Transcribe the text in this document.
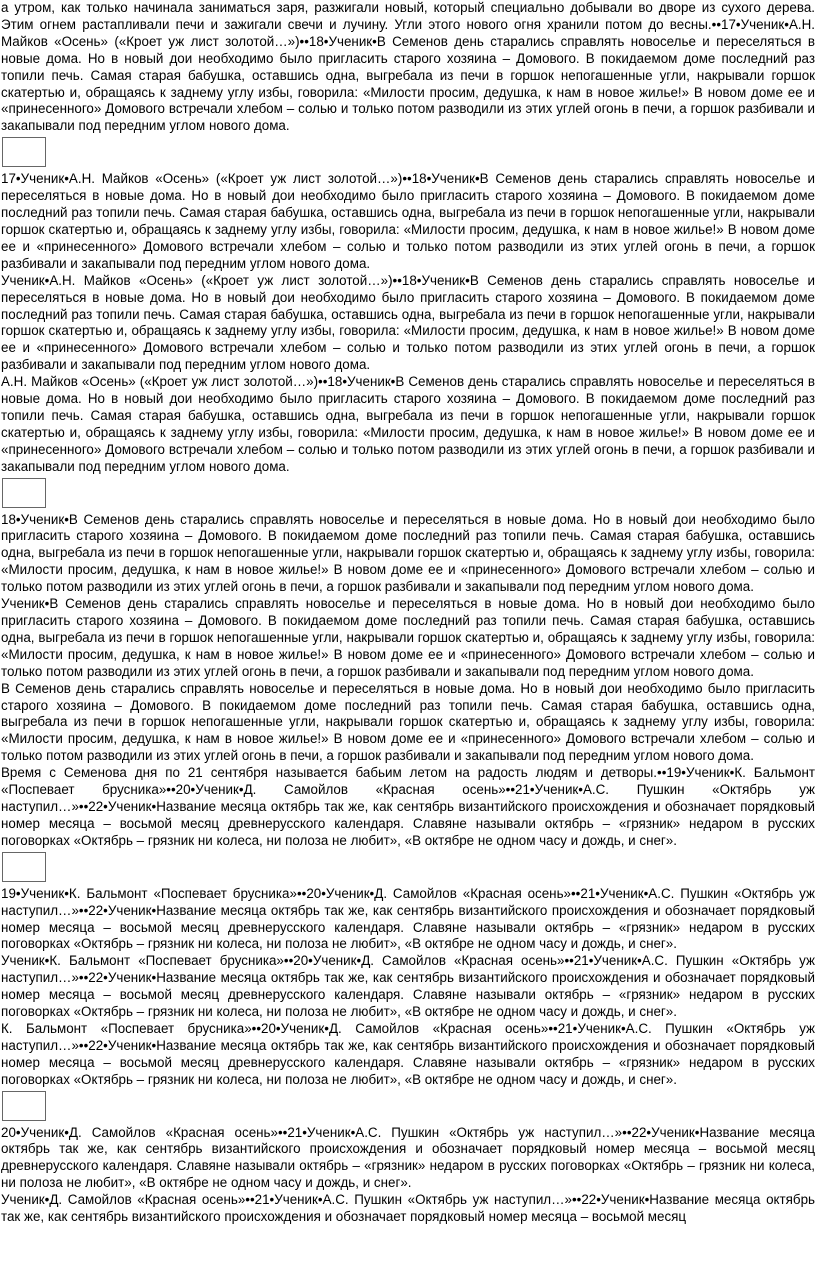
а утром, как только начинала заниматься заря, разжигали новый, который специально добывали во дворе из сухого дерева. Этим огнем растапливали печи и зажигали свечи и лучину. Угли этого нового огня хранили потом до весны.••17•Ученик•А.Н. Майков «Осень» («Кроет уж лист золотой…»)••18•Ученик•В Семенов день старались справлять новоселье и переселяться в новые дома. Но в новый дои необходимо было пригласить старого хозяина – Домового. В покидаемом доме последний раз топили печь. Самая старая бабушка, оставшись одна, выгребала из печи в горшок непогашенные угли, накрывали горшок скатертью и, обращаясь к заднему углу избы, говорила: «Милости просим, дедушка, к нам в новое жилье!» В новом доме ее и «принесенного» Домового встречали хлебом – солью и только потом разводили из этих углей огонь в печи, а горшок разбивали и закапывали под передним углом нового дома.

17•Ученик•А.Н. Майков «Осень» («Кроет уж лист золотой…»)••18•Ученик•В Семенов день старались справлять новоселье и переселяться в новые дома. Но в новый дои необходимо было пригласить старого хозяина – Домового. В покидаемом доме последний раз топили печь. Самая старая бабушка, оставшись одна, выгребала из печи в горшок непогашенные угли, накрывали горшок скатертью и, обращаясь к заднему углу избы, говорила: «Милости просим, дедушка, к нам в новое жилье!» В новом доме ее и «принесенного» Домового встречали хлебом – солью и только потом разводили из этих углей огонь в печи, а горшок разбивали и закапывали под передним углом нового дома.

Ученик•А.Н. Майков «Осень» («Кроет уж лист золотой…»)••18•Ученик•В Семенов день старались справлять новоселье и переселяться в новые дома. Но в новый дои необходимо было пригласить старого хозяина – Домового. В покидаемом доме последний раз топили печь. Самая старая бабушка, оставшись одна, выгребала из печи в горшок непогашенные угли, накрывали горшок скатертью и, обращаясь к заднему углу избы, говорила: «Милости просим, дедушка, к нам в новое жилье!» В новом доме ее и «принесенного» Домового встречали хлебом – солью и только потом разводили из этих углей огонь в печи, а горшок разбивали и закапывали под передним углом нового дома.

А.Н. Майков «Осень» («Кроет уж лист золотой…»)••18•Ученик•В Семенов день старались справлять новоселье и переселяться в новые дома. Но в новый дои необходимо было пригласить старого хозяина – Домового. В покидаемом доме последний раз топили печь. Самая старая бабушка, оставшись одна, выгребала из печи в горшок непогашенные угли, накрывали горшок скатертью и, обращаясь к заднему углу избы, говорила: «Милости просим, дедушка, к нам в новое жилье!» В новом доме ее и «принесенного» Домового встречали хлебом – солью и только потом разводили из этих углей огонь в печи, а горшок разбивали и закапывали под передним углом нового дома.

18•Ученик•В Семенов день старались справлять новоселье и переселяться в новые дома. Но в новый дои необходимо было пригласить старого хозяина – Домового. В покидаемом доме последний раз топили печь. Самая старая бабушка, оставшись одна, выгребала из печи в горшок непогашенные угли, накрывали горшок скатертью и, обращаясь к заднему углу избы, говорила: «Милости просим, дедушка, к нам в новое жилье!» В новом доме ее и «принесенного» Домового встречали хлебом – солью и только потом разводили из этих углей огонь в печи, а горшок разбивали и закапывали под передним углом нового дома.

Ученик•В Семенов день старались справлять новоселье и переселяться в новые дома. Но в новый дои необходимо было пригласить старого хозяина – Домового. В покидаемом доме последний раз топили печь. Самая старая бабушка, оставшись одна, выгребала из печи в горшок непогашенные угли, накрывали горшок скатертью и, обращаясь к заднему углу избы, говорила: «Милости просим, дедушка, к нам в новое жилье!» В новом доме ее и «принесенного» Домового встречали хлебом – солью и только потом разводили из этих углей огонь в печи, а горшок разбивали и закапывали под передним углом нового дома.

В Семенов день старались справлять новоселье и переселяться в новые дома. Но в новый дои необходимо было пригласить старого хозяина – Домового. В покидаемом доме последний раз топили печь. Самая старая бабушка, оставшись одна, выгребала из печи в горшок непогашенные угли, накрывали горшок скатертью и, обращаясь к заднему углу избы, говорила: «Милости просим, дедушка, к нам в новое жилье!» В новом доме ее и «принесенного» Домового встречали хлебом – солью и только потом разводили из этих углей огонь в печи, а горшок разбивали и закапывали под передним углом нового дома.

Время с Семенова дня по 21 сентября называется бабьим летом на радость людям и детворы.••19•Ученик•К. Бальмонт «Поспевает брусника»••20•Ученик•Д. Самойлов «Красная осень»••21•Ученик•А.С. Пушкин «Октябрь уж наступил…»••22•Ученик•Название месяца октябрь так же, как сентябрь византийского происхождения и обозначает порядковый номер месяца – восьмой месяц древнерусского календаря. Славяне называли октябрь – «грязник» недаром в русских поговорках «Октябрь – грязник ни колеса, ни полоза не любит», «В октябре не одном часу и дождь, и снег».

19•Ученик•К. Бальмонт «Поспевает брусника»••20•Ученик•Д. Самойлов «Красная осень»••21•Ученик•А.С. Пушкин «Октябрь уж наступил…»••22•Ученик•Название месяца октябрь так же, как сентябрь византийского происхождения и обозначает порядковый номер месяца – восьмой месяц древнерусского календаря. Славяне называли октябрь – «грязник» недаром в русских поговорках «Октябрь – грязник ни колеса, ни полоза не любит», «В октябре не одном часу и дождь, и снег».

Ученик•К. Бальмонт «Поспевает брусника»••20•Ученик•Д. Самойлов «Красная осень»••21•Ученик•А.С. Пушкин «Октябрь уж наступил…»••22•Ученик•Название месяца октябрь так же, как сентябрь византийского происхождения и обозначает порядковый номер месяца – восьмой месяц древнерусского календаря. Славяне называли октябрь – «грязник» недаром в русских поговорках «Октябрь – грязник ни колеса, ни полоза не любит», «В октябре не одном часу и дождь, и снег».

К. Бальмонт «Поспевает брусника»••20•Ученик•Д. Самойлов «Красная осень»••21•Ученик•А.С. Пушкин «Октябрь уж наступил…»••22•Ученик•Название месяца октябрь так же, как сентябрь византийского происхождения и обозначает порядковый номер месяца – восьмой месяц древнерусского календаря. Славяне называли октябрь – «грязник» недаром в русских поговорках «Октябрь – грязник ни колеса, ни полоза не любит», «В октябре не одном часу и дождь, и снег».

20•Ученик•Д. Самойлов «Красная осень»••21•Ученик•А.С. Пушкин «Октябрь уж наступил…»••22•Ученик•Название месяца октябрь так же, как сентябрь византийского происхождения и обозначает порядковый номер месяца – восьмой месяц древнерусского календаря. Славяне называли октябрь – «грязник» недаром в русских поговорках «Октябрь – грязник ни колеса, ни полоза не любит», «В октябре не одном часу и дождь, и снег».

Ученик•Д. Самойлов «Красная осень»••21•Ученик•А.С. Пушкин «Октябрь уж наступил…»••22•Ученик•Название месяца октябрь так же, как сентябрь византийского происхождения и обозначает порядковый номер месяца – восьмой месяц
